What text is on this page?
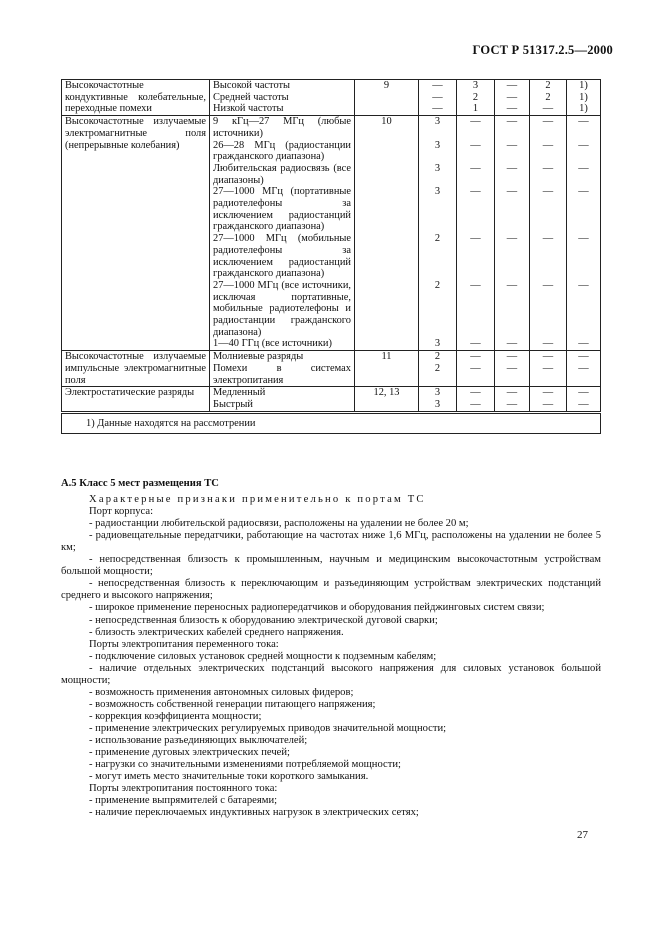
ГОСТ Р 51317.2.5—2000
Высокочастотные кондуктивные колебательные, переходные помехи	Высокой частоты	9	—	3	—	2	1)
	Средней частоты		—	2	—	2	1)
	Низкой частоты		—	1	—	—	1)
Высокочастотные излучаемые электромагнитные поля (непрерывные колебания)	9 кГц—27 МГц (любые источники)	10	3	—	—	—	—
	26—28 МГц (радиостанции гражданского диапазона)		3	—	—	—	—
	Любительская радиосвязь (все диапазоны)		3	—	—	—	—
	27—1000 МГц (портативные радиотелефоны за исключением радиостанций гражданского диапазона)		3	—	—	—	—
	27—1000 МГц (мобильные радиотелефоны за исключением радиостанций гражданского диапазона)		2	—	—	—	—
	27—1000 МГц (все источники, исключая портативные, мобильные радиотелефоны и радиостанции гражданского диапазона)		2	—	—	—	—
	1—40 ГГц (все источники)		3	—	—	—	—
Высокочастотные излучаемые импульсные электромагнитные поля	Молниевые разряды	11	2	—	—	—	—
	Помехи в системах электропитания		2	—	—	—	—
Электростатические разряды	Медленный	12, 13	3	—	—	—	—
	Быстрый		3	—	—	—	—
1) Данные находятся на рассмотрении							

А.5 Класс 5 мест размещения ТС

Характерные признаки применительно к портам ТС

Порт корпуса:

- радиостанции любительской радиосвязи, расположены на удалении не более 20 м;

- радиовещательные передатчики, работающие на частотах ниже 1,6 МГц, расположены на удалении не более 5 км;

- непосредственная близость к промышленным, научным и медицинским высокочастотным устройствам большой мощности;

- непосредственная близость к переключающим и разъединяющим устройствам электрических подстанций среднего и высокого напряжения;

- широкое применение переносных радиопередатчиков и оборудования пейджинговых систем связи;

- непосредственная близость к оборудованию электрической дуговой сварки;

- близость электрических кабелей среднего напряжения.

Порты электропитания переменного тока:

- подключение силовых установок средней мощности к подземным кабелям;

- наличие отдельных электрических подстанций высокого напряжения для силовых установок большой мощности;

- возможность применения автономных силовых фидеров;

- возможность собственной генерации питающего напряжения;

- коррекция коэффициента мощности;

- применение электрических регулируемых приводов значительной мощности;

- использование разъединяющих выключателей;

- применение дуговых электрических печей;

- нагрузки со значительными изменениями потребляемой мощности;

- могут иметь место значительные токи короткого замыкания.

Порты электропитания постоянного тока:

- применение выпрямителей с батареями;

- наличие переключаемых индуктивных нагрузок в электрических сетях;

27
